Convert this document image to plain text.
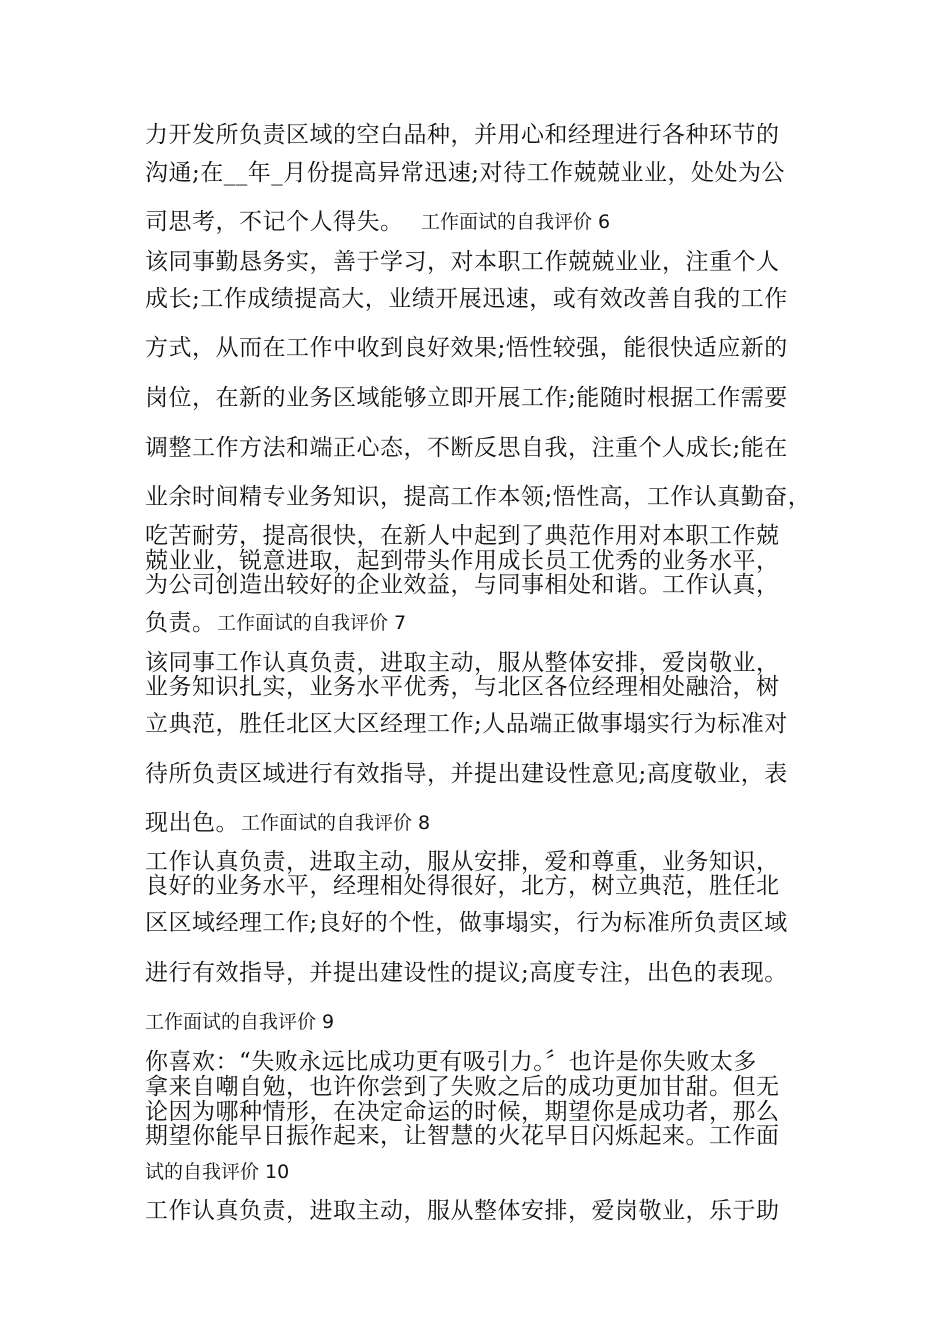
力开发所负责区域的空白品种，并用心和经理进行各种环节的
沟通;在__年_月份提高异常迅速;对待工作兢兢业业，处处为公
司思考，不记个人得失。 工作面试的自我评价 6
该同事勤恳务实，善于学习，对本职工作兢兢业业，注重个人
成长;工作成绩提高大，业绩开展迅速，或有效改善自我的工作
方式，从而在工作中收到良好效果;悟性较强，能很快适应新的
岗位，在新的业务区域能够立即开展工作;能随时根据工作需要
调整工作方法和端正心态，不断反思自我，注重个人成长;能在
业余时间精专业务知识，提高工作本领;悟性高，工作认真勤奋，
吃苦耐劳，提高很快，在新人中起到了典范作用对本职工作兢
兢业业，锐意进取，起到带头作用成长员工优秀的业务水平，
为公司创造出较好的企业效益，与同事相处和谐。工作认真，
负责。 工作面试的自我评价 7
该同事工作认真负责，进取主动，服从整体安排，爱岗敬业，
业务知识扎实，业务水平优秀，与北区各位经理相处融洽，树
立典范，胜任北区大区经理工作;人品端正做事塌实行为标准对
待所负责区域进行有效指导，并提出建设性意见;高度敬业，表
现出色。 工作面试的自我评价 8
工作认真负责，进取主动，服从安排，爱和尊重，业务知识，
良好的业务水平，经理相处得很好，北方，树立典范，胜任北
区区域经理工作;良好的个性，做事塌实，行为标准所负责区域
进行有效指导，并提出建设性的提议;高度专注，出色的表现。
工作面试的自我评价 9
你喜欢：“失败永远比成功更有吸引力。〞也许是你失败太多
拿来自嘲自勉，也许你尝到了失败之后的成功更加甘甜。但无
论因为哪种情形，在决定命运的时候，期望你是成功者，那么
期望你能早日振作起来，让智慧的火花早日闪烁起来。工作面
试的自我评价 10
工作认真负责，进取主动，服从整体安排，爱岗敬业，乐于助
